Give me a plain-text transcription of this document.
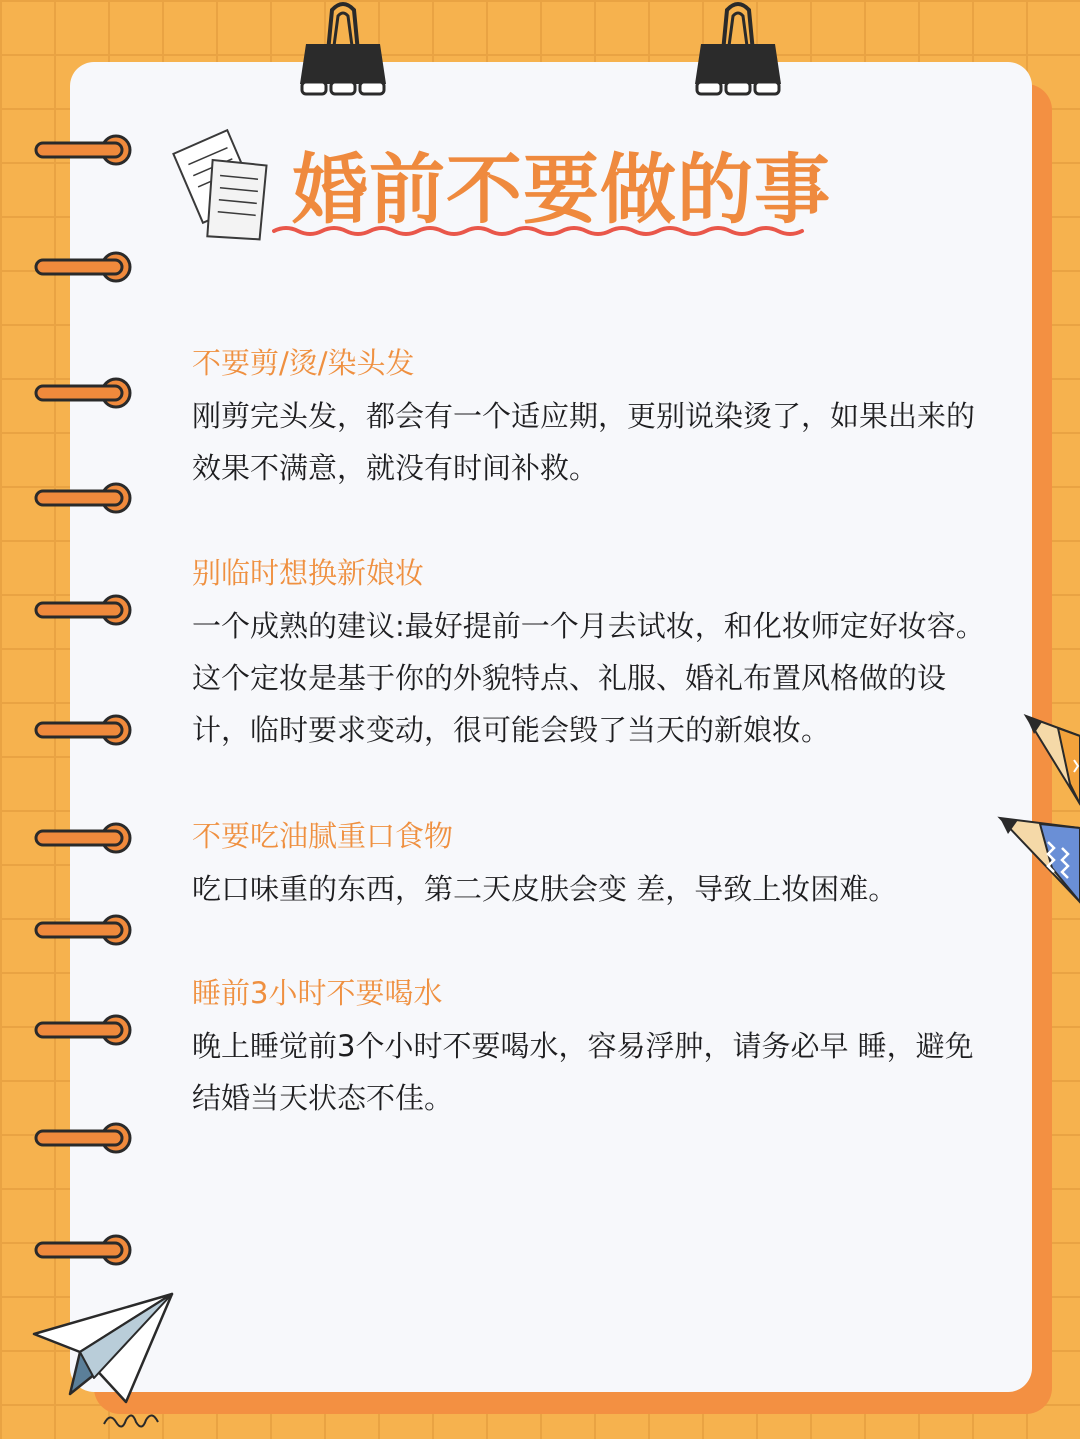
婚前不要做的事
不要剪/烫/染头发

刚剪完头发，都会有一个适应期，更别说染烫了，如果出来的效果不满意，就没有时间补救。

别临时想换新娘妆

一个成熟的建议:最好提前一个月去试妆，和化妆师定好妆容。这个定妆是基于你的外貌特点、礼服、婚礼布置风格做的设计，临时要求变动，很可能会毁了当天的新娘妆。

不要吃油腻重口食物

吃口味重的东西，第二天皮肤会变 差，导致上妆困难。

睡前3小时不要喝水

晚上睡觉前3个小时不要喝水，容易浮肿，请务必早 睡，避免结婚当天状态不佳。
